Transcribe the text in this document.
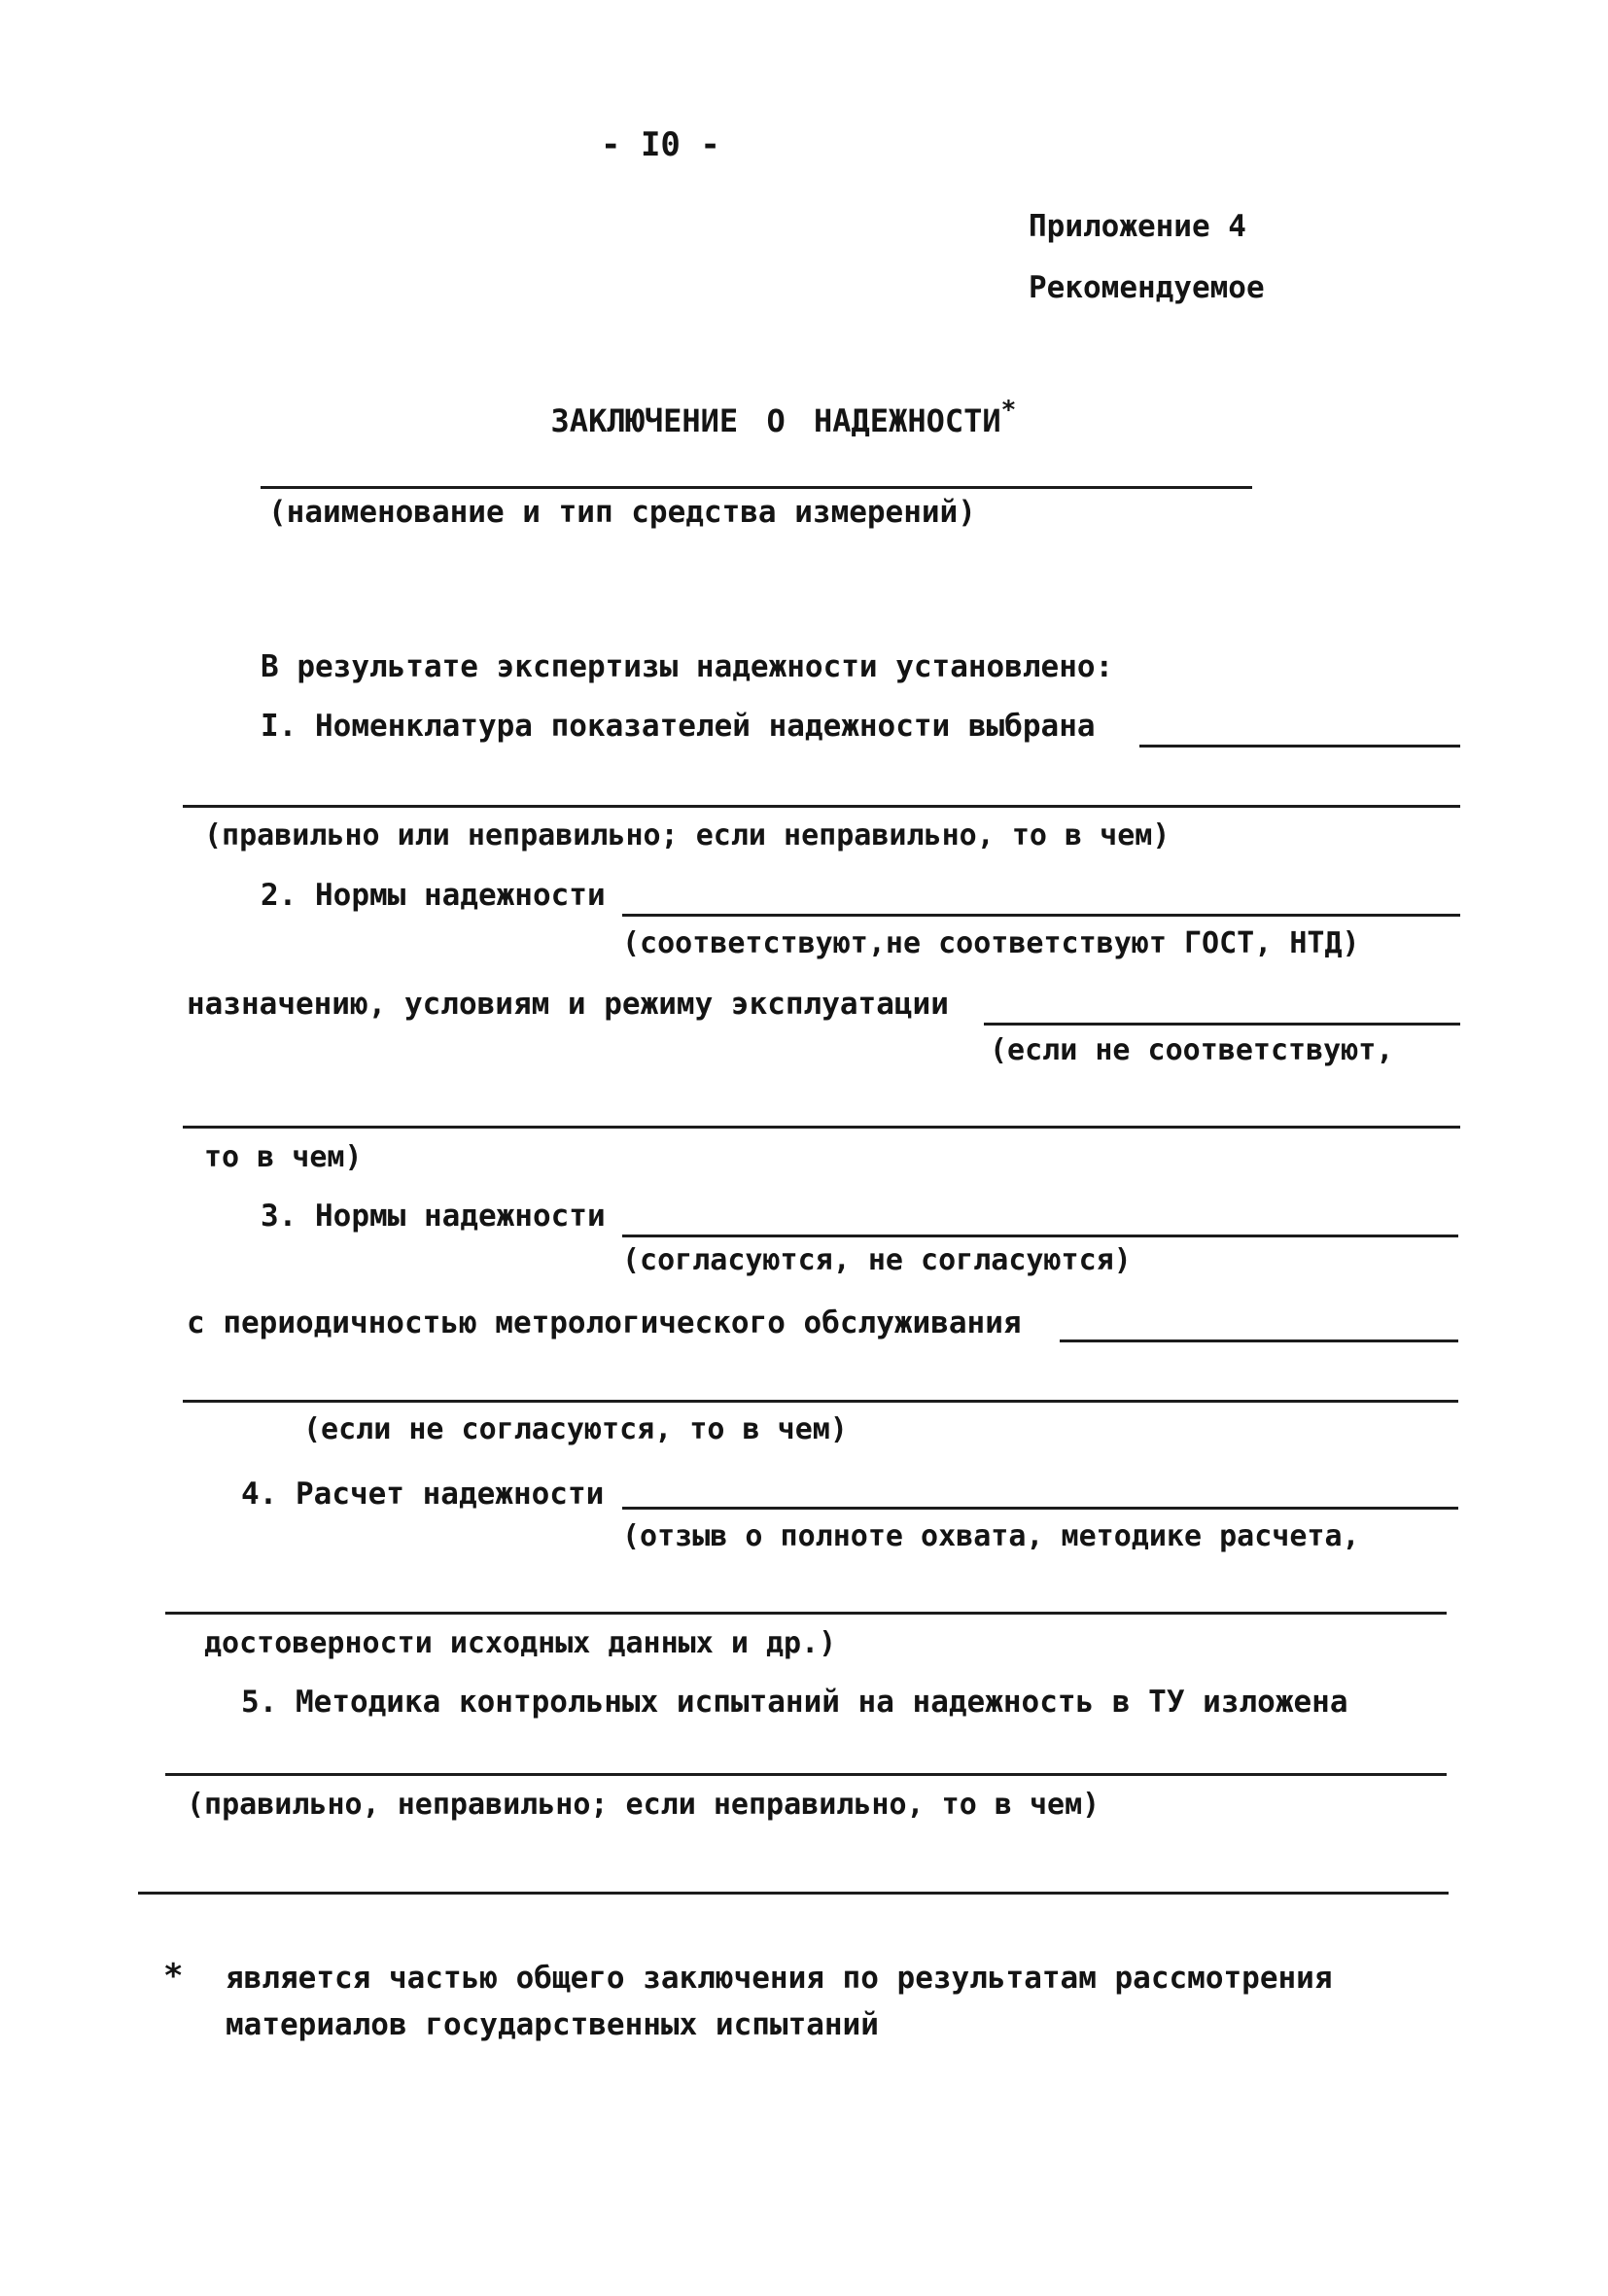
- I0 -
Приложение 4
Рекомендуемое

ЗАКЛЮЧЕНИЕ О НАДЕЖНОСТИ*

(наименование и тип средства измерений)
В результате экспертизы надежности установлено:
I. Номенклатура показателей надежности выбрана
(правильно или неправильно; если неправильно, то в чем)
2. Нормы надежности
(соответствуют,не соответствуют ГОСТ, НТД)
назначению, условиям и режиму эксплуатации
(если не соответствуют,
то в чем)
3. Нормы надежности
(согласуются, не согласуются)
с периодичностью метрологического обслуживания
(если не согласуются, то в чем)
4. Расчет надежности
(отзыв о полноте охвата, методике расчета,
достоверности исходных данных и др.)
5. Методика контрольных испытаний на надежность в ТУ изложена
(правильно, неправильно; если неправильно, то в чем)
* является частью общего заключения по результатам рассмотрения
материалов государственных испытаний
